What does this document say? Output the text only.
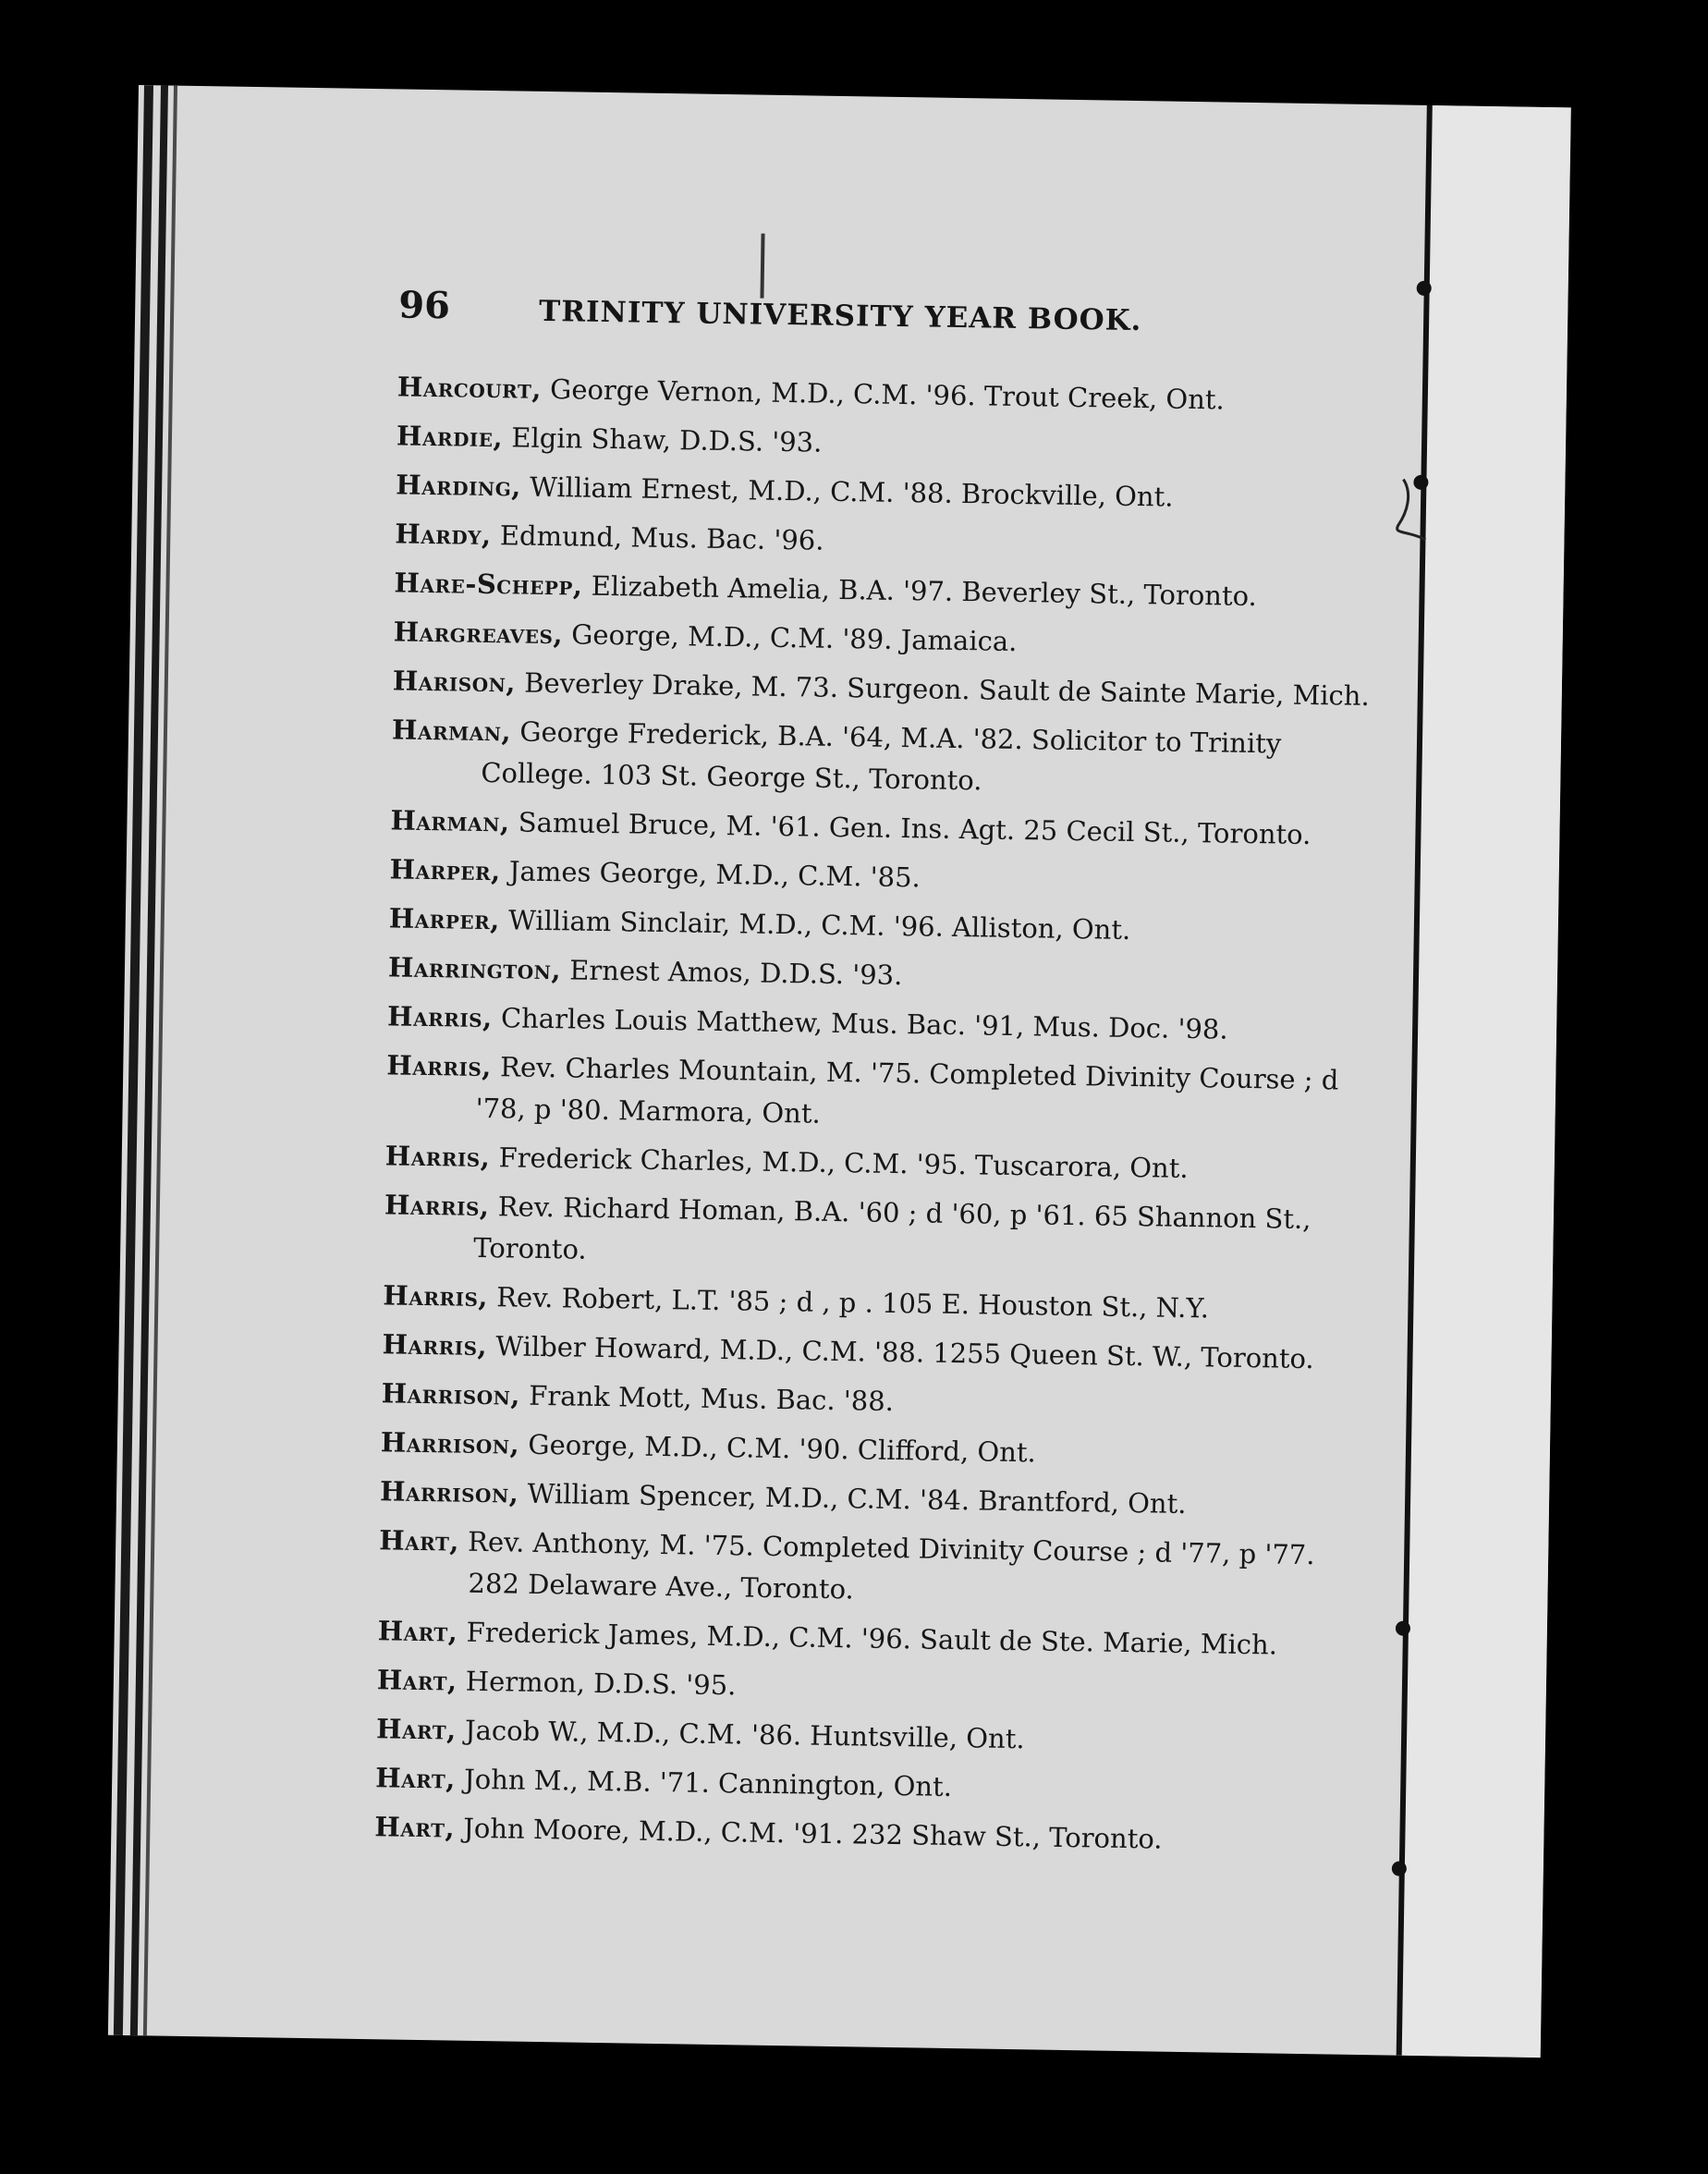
96	TRINITY UNIVERSITY YEAR BOOK.
Harcourt, George Vernon, M.D., C.M. '96. Trout Creek, Ont.
Hardie, Elgin Shaw, D.D.S. '93.
Harding, William Ernest, M.D., C.M. '88. Brockville, Ont.
Hardy, Edmund, Mus. Bac. '96.
Hare-Schepp, Elizabeth Amelia, B.A. '97. Beverley St., Toronto.
Hargreaves, George, M.D., C.M. '89. Jamaica.
Harison, Beverley Drake, M. 73. Surgeon. Sault de Sainte Marie, Mich.
Harman, George Frederick, B.A. '64, M.A. '82. Solicitor to Trinity College. 103 St. George St., Toronto.
Harman, Samuel Bruce, M. '61. Gen. Ins. Agt. 25 Cecil St., Toronto.
Harper, James George, M.D., C.M. '85.
Harper, William Sinclair, M.D., C.M. '96. Alliston, Ont.
Harrington, Ernest Amos, D.D.S. '93.
Harris, Charles Louis Matthew, Mus. Bac. '91, Mus. Doc. '98.
Harris, Rev. Charles Mountain, M. '75. Completed Divinity Course ; d '78, p '80. Marmora, Ont.
Harris, Frederick Charles, M.D., C.M. '95. Tuscarora, Ont.
Harris, Rev. Richard Homan, B.A. '60 ; d '60, p '61. 65 Shannon St., Toronto.
Harris, Rev. Robert, L.T. '85 ; d , p . 105 E. Houston St., N.Y.
Harris, Wilber Howard, M.D., C.M. '88. 1255 Queen St. W., Toronto.
Harrison, Frank Mott, Mus. Bac. '88.
Harrison, George, M.D., C.M. '90. Clifford, Ont.
Harrison, William Spencer, M.D., C.M. '84. Brantford, Ont.
Hart, Rev. Anthony, M. '75. Completed Divinity Course ; d '77, p '77. 282 Delaware Ave., Toronto.
Hart, Frederick James, M.D., C.M. '96. Sault de Ste. Marie, Mich.
Hart, Hermon, D.D.S. '95.
Hart, Jacob W., M.D., C.M. '86. Huntsville, Ont.
Hart, John M., M.B. '71. Cannington, Ont.
Hart, John Moore, M.D., C.M. '91. 232 Shaw St., Toronto.
